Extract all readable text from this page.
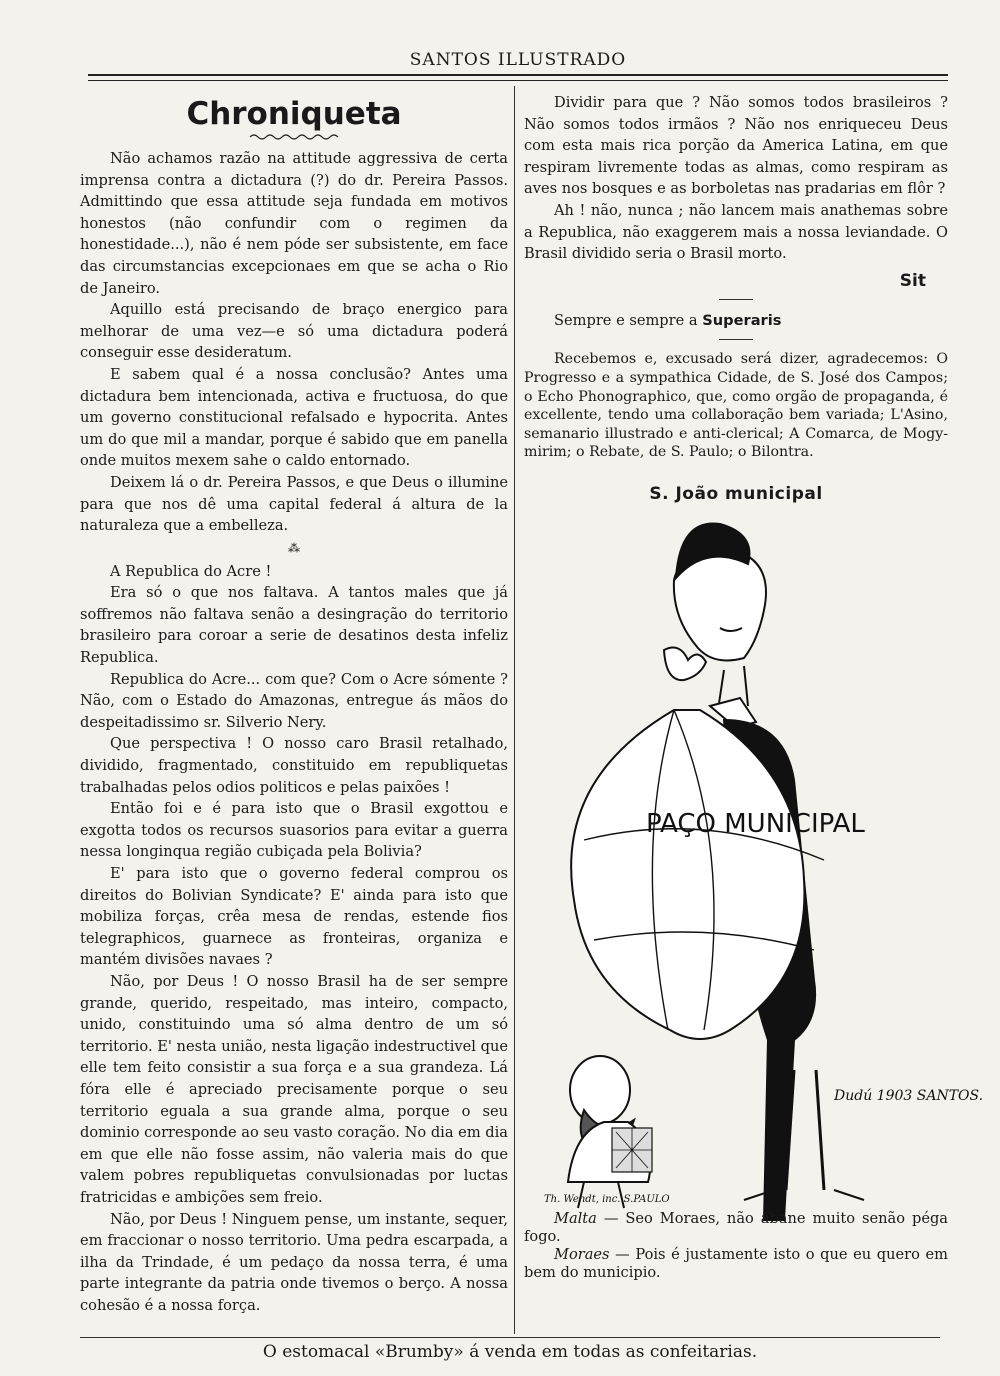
SANTOS ILLUSTRADO
Chroniqueta

Não achamos razão na attitude aggressiva de certa imprensa contra a dictadura (?) do dr. Pereira Passos. Admittindo que essa attitude seja fundada em motivos honestos (não confundir com o regimen da honestidade...), não é nem póde ser subsistente, em face das circumstancias excepcionaes em que se acha o Rio de Janeiro.

Aquillo está precisando de braço energico para melhorar de uma vez—e só uma dictadura poderá conseguir esse desideratum.

E sabem qual é a nossa conclusão? Antes uma dictadura bem intencionada, activa e fructuosa, do que um governo constitucional refalsado e hypocrita. Antes um do que mil a mandar, porque é sabido que em panella onde muitos mexem sahe o caldo entornado.

Deixem lá o dr. Pereira Passos, e que Deus o illumine para que nos dê uma capital federal á altura de la naturaleza que a embelleza.

⁂

A Republica do Acre !

Era só o que nos faltava. A tantos males que já soffremos não faltava senão a desingração do territorio brasileiro para coroar a serie de desatinos desta infeliz Republica.

Republica do Acre... com que? Com o Acre sómente ? Não, com o Estado do Amazonas, entregue ás mãos do despeitadissimo sr. Silverio Nery.

Que perspectiva ! O nosso caro Brasil retalhado, dividido, fragmentado, constituido em republiquetas trabalhadas pelos odios politicos e pelas paixões !

Então foi e é para isto que o Brasil exgottou e exgotta todos os recursos suasorios para evitar a guerra nessa longinqua região cubiçada pela Bolivia?

E' para isto que o governo federal comprou os direitos do Bolivian Syndicate? E' ainda para isto que mobiliza forças, crêa mesa de rendas, estende fios telegraphicos, guarnece as fronteiras, organiza e mantém divisões navaes ?

Não, por Deus ! O nosso Brasil ha de ser sempre grande, querido, respeitado, mas inteiro, compacto, unido, constituindo uma só alma dentro de um só territorio. E' nesta união, nesta ligação indestructivel que elle tem feito consistir a sua força e a sua grandeza. Lá fóra elle é apreciado precisamente porque o seu territorio eguala a sua grande alma, porque o seu dominio corresponde ao seu vasto coração. No dia em dia em que elle não fosse assim, não valeria mais do que valem pobres republiquetas convulsionadas por luctas fratricidas e ambições sem freio.

Não, por Deus ! Ninguem pense, um instante, sequer, em fraccionar o nosso territorio. Uma pedra escarpada, a ilha da Trindade, é um pedaço da nossa terra, é uma parte integrante da patria onde tivemos o berço. A nossa cohesão é a nossa força.

Dividir para que ? Não somos todos brasileiros ? Não somos todos irmãos ? Não nos enriqueceu Deus com esta mais rica porção da America Latina, em que respiram livremente todas as almas, como respiram as aves nos bosques e as borboletas nas pradarias em flôr ?

Ah ! não, nunca ; não lancem mais anathemas sobre a Republica, não exaggerem mais a nossa leviandade. O Brasil dividido seria o Brasil morto.

Sit

Sempre e sempre a Superaris

Recebemos e, excusado será dizer, agradecemos: O Progresso e a sympathica Cidade, de S. José dos Campos; o Echo Phonographico, que, como orgão de propaganda, é excellente, tendo uma collaboração bem variada; L'Asino, semanario illustrado e anti-clerical; A Comarca, de Mogy-mirim; o Rebate, de S. Paulo; o Bilontra.

S. João municipal
PAÇO MUNICIPAL
Dudú 1903 SANTOS.
Th. Wendt, inc. S.PAULO

Malta — Seo Moraes, não abane muito senão péga fogo.

Moraes — Pois é justamente isto o que eu quero em bem do municipio.

O estomacal «Brumby» á venda em todas as confeitarias.
